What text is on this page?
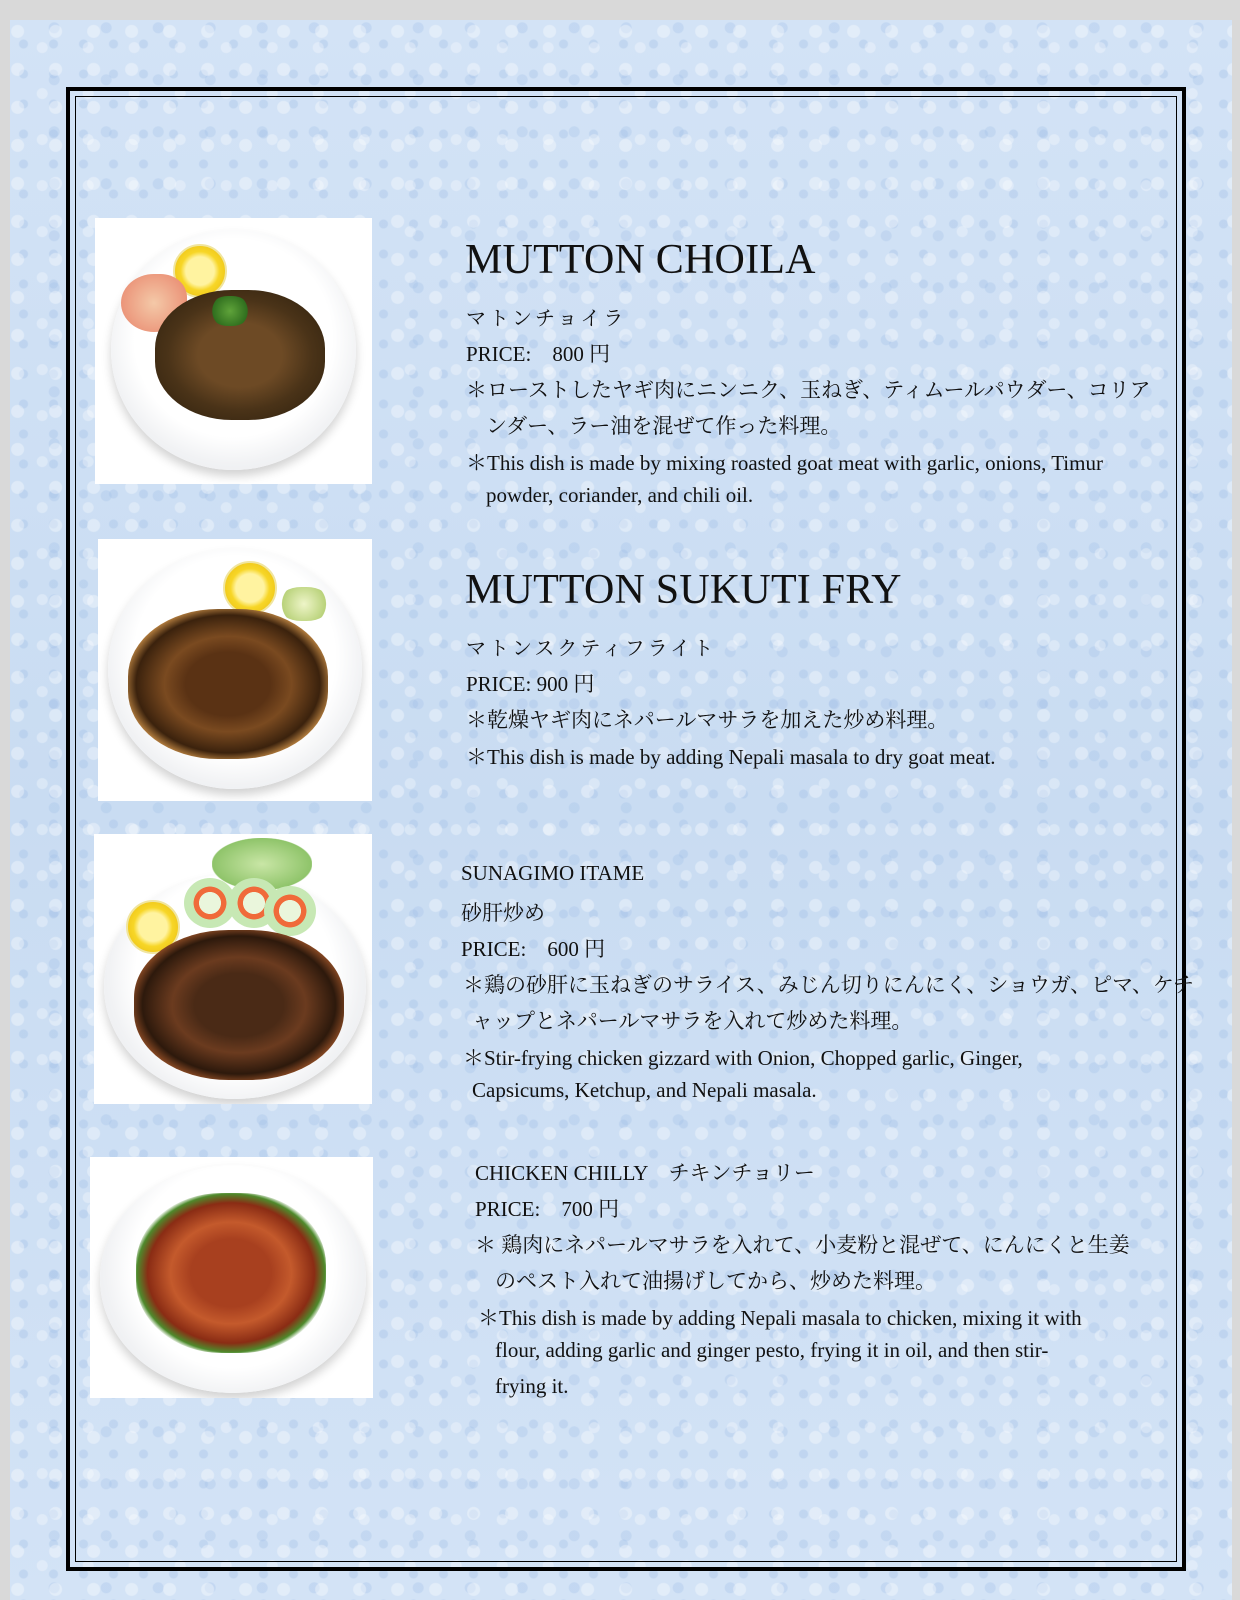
MUTTON CHOILA
マトンチョイラ
PRICE:　800 円
＊ローストしたヤギ肉にニンニク、玉ねぎ、ティムールパウダー、コリア
ンダー、ラー油を混ぜて作った料理。
＊This dish is made by mixing roasted goat meat with garlic, onions, Timur
powder, coriander, and chili oil.
MUTTON SUKUTI FRY
マトンスクティフライト
PRICE: 900 円
＊乾燥ヤギ肉にネパールマサラを加えた炒め料理。
＊This dish is made by adding Nepali masala to dry goat meat.
SUNAGIMO ITAME
砂肝炒め
PRICE:　600 円
＊鶏の砂肝に玉ねぎのサライス、みじん切りにんにく、ショウガ、ピマ、ケチ
ャップとネパールマサラを入れて炒めた料理。
＊Stir-frying chicken gizzard with Onion, Chopped garlic, Ginger,
Capsicums, Ketchup, and Nepali masala.
CHICKEN CHILLY　チキンチョリー
PRICE:　700 円
＊ 鶏肉にネパールマサラを入れて、小麦粉と混ぜて、にんにくと生姜
のペスト入れて油揚げしてから、炒めた料理。
＊This dish is made by adding Nepali masala to chicken, mixing it with
flour, adding garlic and ginger pesto, frying it in oil, and then stir-
frying it.
